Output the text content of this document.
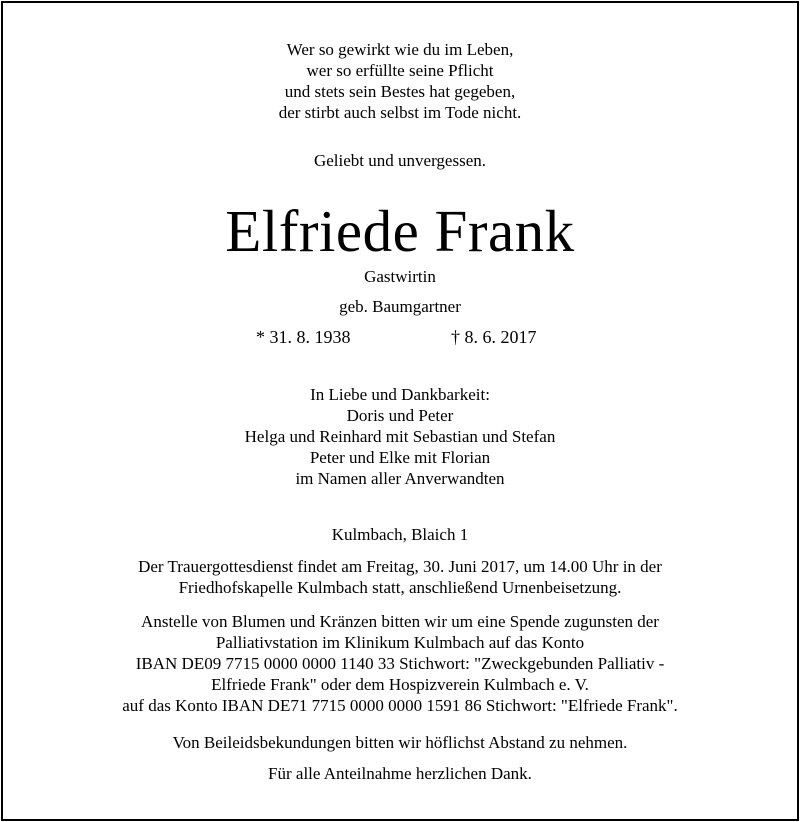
Wer so gewirkt wie du im Leben,
wer so erfüllte seine Pflicht
und stets sein Bestes hat gegeben,
der stirbt auch selbst im Tode nicht.
Geliebt und unvergessen.
Elfriede Frank
Gastwirtin
geb. Baumgartner
* 31. 8. 1938	† 8. 6. 2017
In Liebe und Dankbarkeit:
Doris und Peter
Helga und Reinhard mit Sebastian und Stefan
Peter und Elke mit Florian
im Namen aller Anverwandten
Kulmbach, Blaich 1
Der Trauergottesdienst findet am Freitag, 30. Juni 2017, um 14.00 Uhr in der
Friedhofskapelle Kulmbach statt, anschließend Urnenbeisetzung.
Anstelle von Blumen und Kränzen bitten wir um eine Spende zugunsten der
Palliativstation im Klinikum Kulmbach auf das Konto
IBAN DE09 7715 0000 0000 1140 33 Stichwort: "Zweckgebunden Palliativ -
Elfriede Frank" oder dem Hospizverein Kulmbach e. V.
auf das Konto IBAN DE71 7715 0000 0000 1591 86 Stichwort: "Elfriede Frank".
Von Beileidsbekundungen bitten wir höflichst Abstand zu nehmen.
Für alle Anteilnahme herzlichen Dank.
